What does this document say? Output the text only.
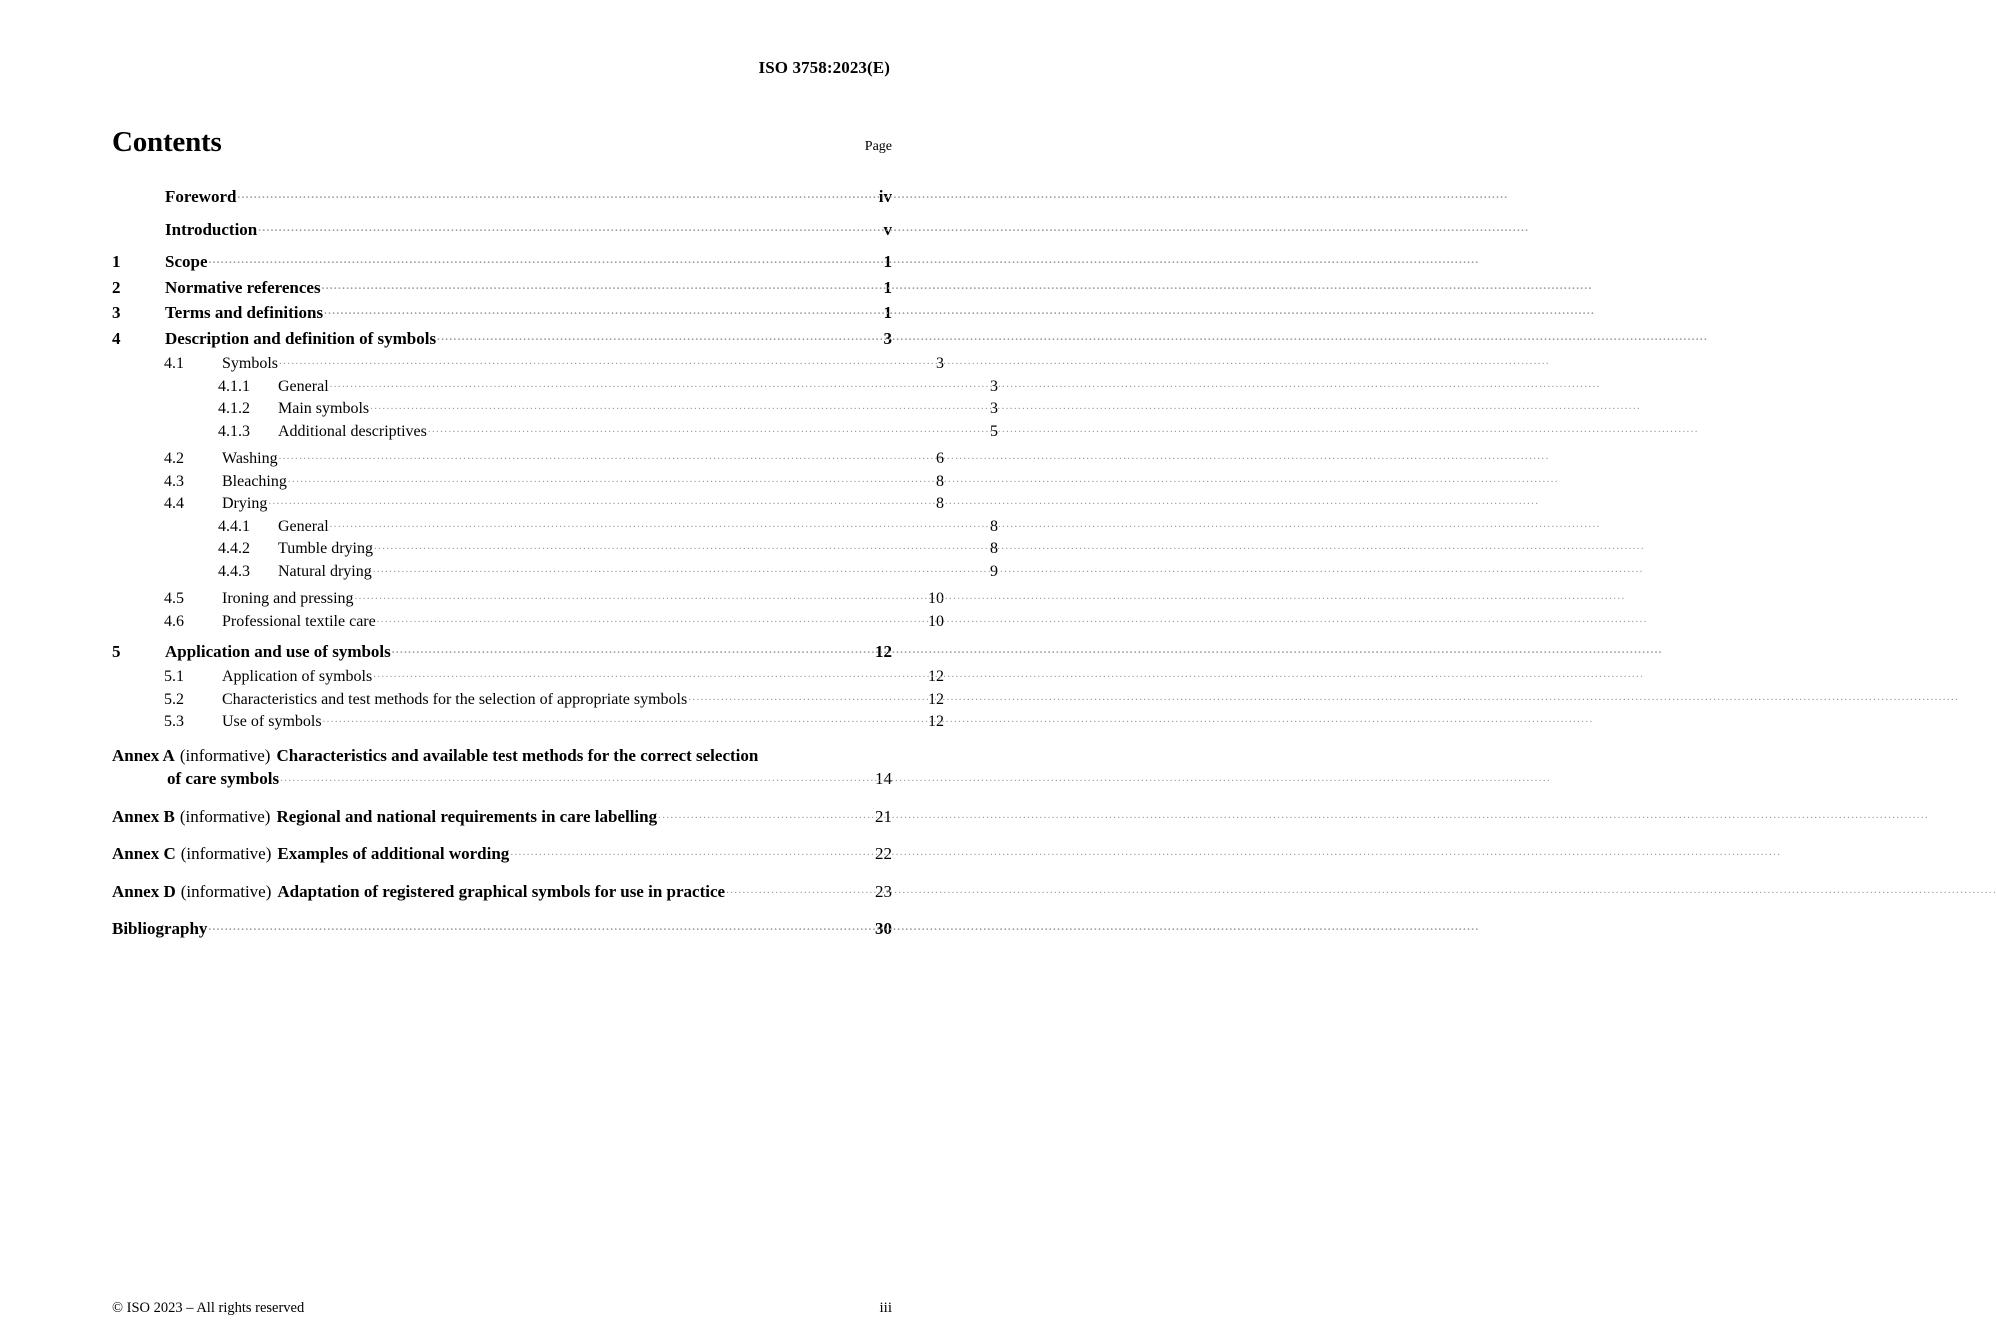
ISO 3758:2023(E)
Contents	Page
Foreword .....	iv
Introduction .....	v
1	Scope .....	1
2	Normative references .....	1
3	Terms and definitions .....	1
4	Description and definition of symbols .....	3
4.1	Symbols .....	3
4.1.1	General .....	3
4.1.2	Main symbols .....	3
4.1.3	Additional descriptives .....	5
4.2	Washing .....	6
4.3	Bleaching .....	8
4.4	Drying .....	8
4.4.1	General .....	8
4.4.2	Tumble drying .....	8
4.4.3	Natural drying .....	9
4.5	Ironing and pressing .....	10
4.6	Professional textile care .....	10
5	Application and use of symbols .....	12
5.1	Application of symbols .....	12
5.2	Characteristics and test methods for the selection of appropriate symbols .....	12
5.3	Use of symbols .....	12
Annex A (informative) Characteristics and available test methods for the correct selection
of care symbols .....	14
Annex B (informative) Regional and national requirements in care labelling .....	21
Annex C (informative) Examples of additional wording .....	22
Annex D (informative) Adaptation of registered graphical symbols for use in practice .....	23
Bibliography .....	30
© ISO 2023 – All rights reserved	iii
